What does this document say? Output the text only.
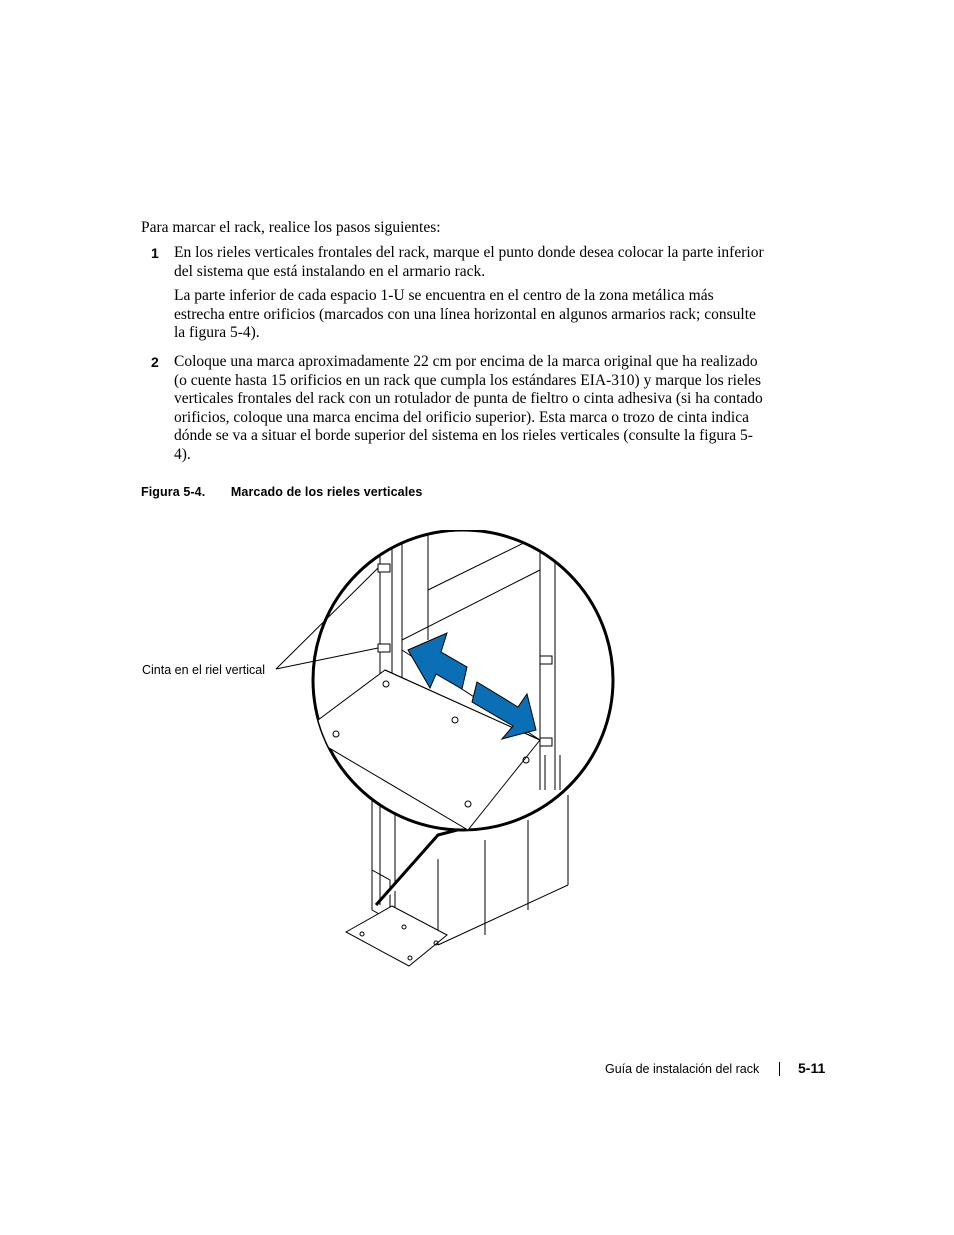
Para marcar el rack, realice los pasos siguientes:

1 En los rieles verticales frontales del rack, marque el punto donde desea colocar la parte inferior del sistema que está instalando en el armario rack.

La parte inferior de cada espacio 1-U se encuentra en el centro de la zona metálica más estrecha entre orificios (marcados con una línea horizontal en algunos armarios rack; consulte la figura 5-4).

2 Coloque una marca aproximadamente 22 cm por encima de la marca original que ha realizado (o cuente hasta 15 orificios en un rack que cumpla los estándares EIA-310) y marque los rieles verticales frontales del rack con un rotulador de punta de fieltro o cinta adhesiva (si ha contado orificios, coloque una marca encima del orificio superior). Esta marca o trozo de cinta indica dónde se va a situar el borde superior del sistema en los rieles verticales (consulte la figura 5-4).

Figura 5-4. Marcado de los rieles verticales
Cinta en el riel vertical
Guía de instalación del rack	5-11
